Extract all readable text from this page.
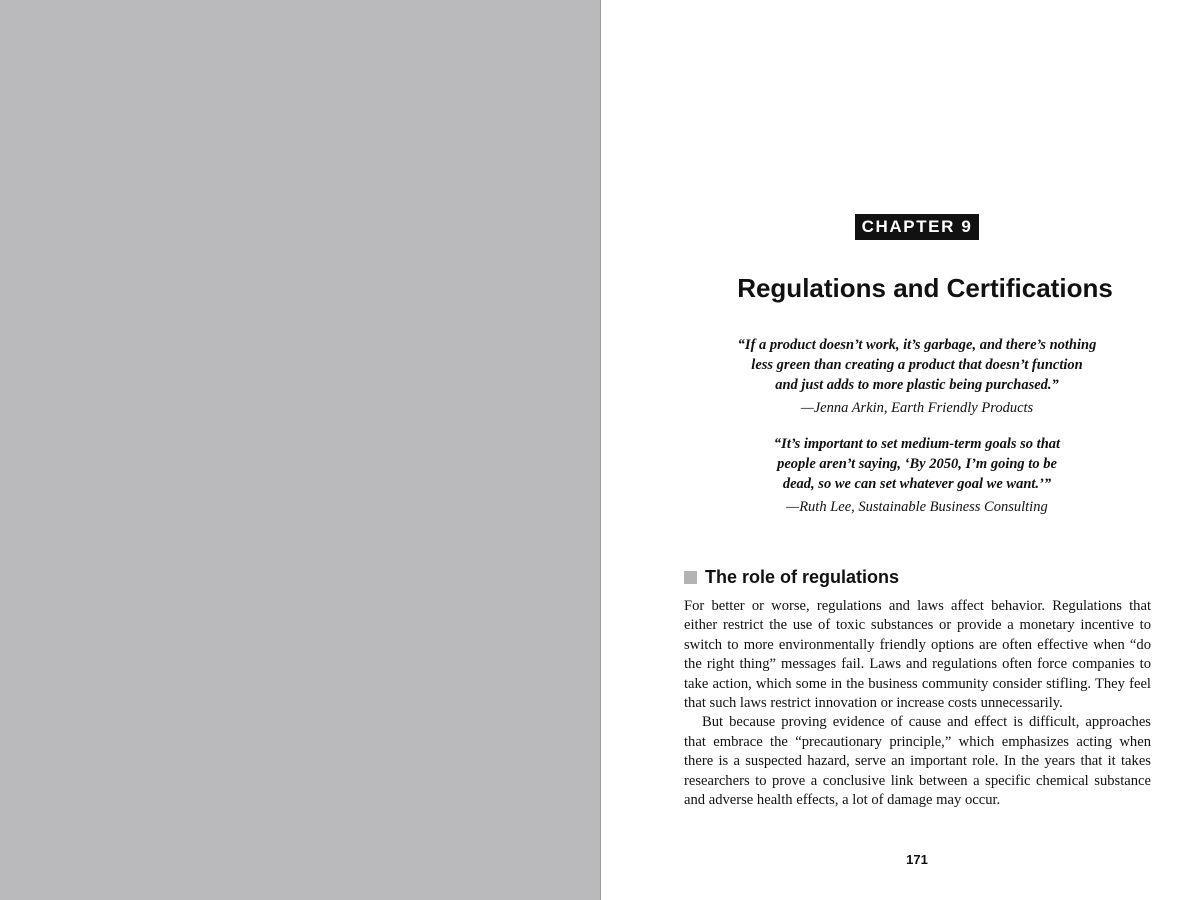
CHAPTER 9
Regulations and Certifications
“If a product doesn’t work, it’s garbage, and there’s nothing
less green than creating a product that doesn’t function
and just adds to more plastic being purchased.”
—Jenna Arkin, Earth Friendly Products
“It’s important to set medium-term goals so that
people aren’t saying, ‘By 2050, I’m going to be
dead, so we can set whatever goal we want.’”
—Ruth Lee, Sustainable Business Consulting
The role of regulations

For better or worse, regulations and laws affect behavior. Regulations that either restrict the use of toxic substances or provide a monetary incentive to switch to more environmentally friendly options are often effective when “do the right thing” messages fail. Laws and regulations often force companies to take action, which some in the business community consider stifling. They feel that such laws restrict innovation or increase costs unnecessarily.

But because proving evidence of cause and effect is difficult, approaches that embrace the “precautionary principle,” which emphasizes acting when there is a suspected hazard, serve an important role. In the years that it takes researchers to prove a conclusive link between a specific chemical substance and adverse health effects, a lot of damage may occur.

171
